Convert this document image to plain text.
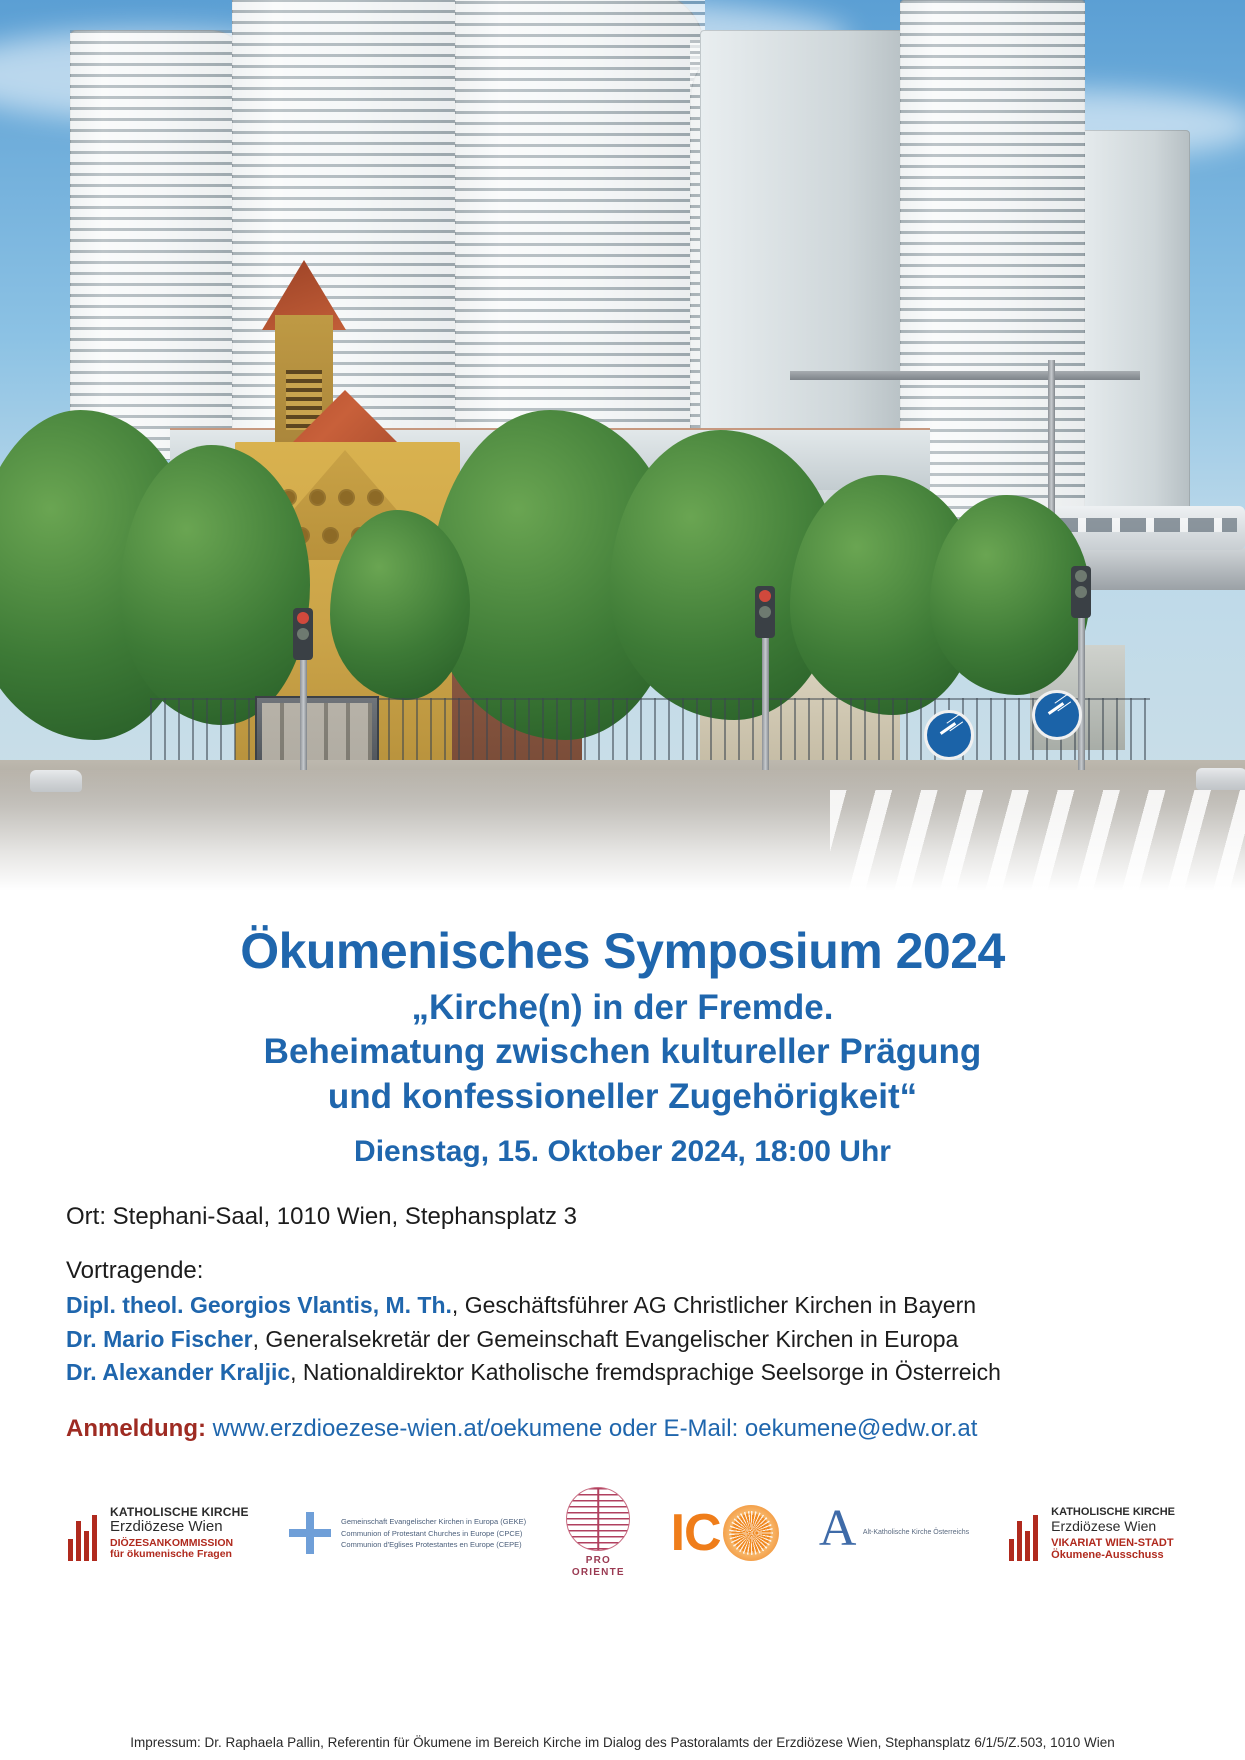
Ökumenisches Symposium 2024
„Kirche(n) in der Fremde.
Beheimatung zwischen kultureller Prägung
und konfessioneller Zugehörigkeit“
Dienstag, 15. Oktober 2024, 18:00 Uhr
Ort: Stephani-Saal, 1010 Wien, Stephansplatz 3
Vortragende:
Dipl. theol. Georgios Vlantis, M. Th., Geschäftsführer AG Christlicher Kirchen in Bayern
Dr. Mario Fischer, Generalsekretär der Gemeinschaft Evangelischer Kirchen in Europa
Dr. Alexander Kraljic, Nationaldirektor Katholische fremdsprachige Seelsorge in Österreich
Anmeldung: www.erzdioezese-wien.at/oekumene oder E-Mail: oekumene@edw.or.at
KATHOLISCHE KIRCHE
Erzdiözese Wien
DIÖZESANKOMMISSION
für ökumenische Fragen
Gemeinschaft Evangelischer Kirchen in Europa (GEKE)
Communion of Protestant Churches in Europe (CPCE)
Communion d'Eglises Protestantes en Europe (CEPE)
PRO
ORIENTE
IC A Alt-Katholische Kirche Österreichs
KATHOLISCHE KIRCHE
Erzdiözese Wien
VIKARIAT WIEN-STADT
Ökumene-Ausschuss
Impressum: Dr. Raphaela Pallin, Referentin für Ökumene im Bereich Kirche im Dialog des Pastoralamts der Erzdiözese Wien, Stephansplatz 6/1/5/Z.503, 1010 Wien
